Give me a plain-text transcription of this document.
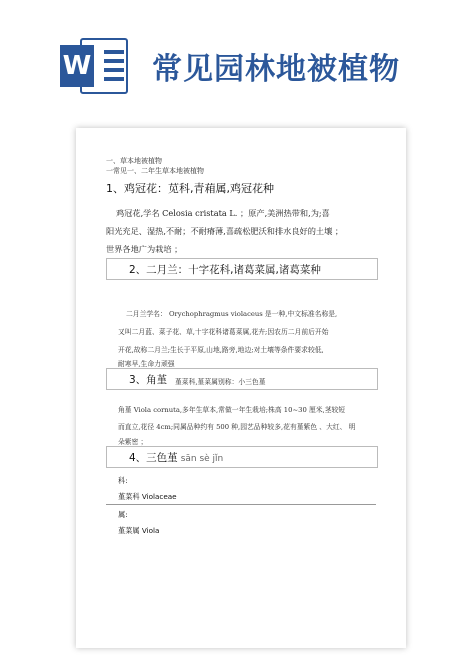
W 常见园林地被植物
一、草本地被植物
一常见一、二年生草本地被植物
1、鸡冠花：苋科,青葙属,鸡冠花种
鸡冠花,学名 Celosia cristata L. ；原产,美洲热带和,为;喜
阳光充足、湿热,不耐；不耐瘠薄,喜疏松肥沃和排水良好的土壤 ；
世界各地广为栽培 ；
2、二月兰：十字花科,诸葛菜属,诸葛菜种
二月兰学名： Orychophragmus violaceus 是一种,中文标准名称是,
又叫二月蓝、菜子花、草,十字花科诸葛菜属,花卉;因农历二月前后开始
开花,故称二月兰;生长于平原,山地,路旁,地边;对土壤等条件要求较低,
耐寒早,生命力顽强
3、角堇 堇菜科,堇菜属别称：小三色堇
角堇 Viola cornuta,多年生草本,常做一年生栽培;株高 10~30 厘米,茎较短
而直立,花径 4cm;同属品种约有 500 种,园艺品种较多,花有堇紫色 、大红、 明
朵紫密 ；
4、三色堇 sān sè jǐn
科:
堇菜科 Violaceae
属:
堇菜属 Viola
